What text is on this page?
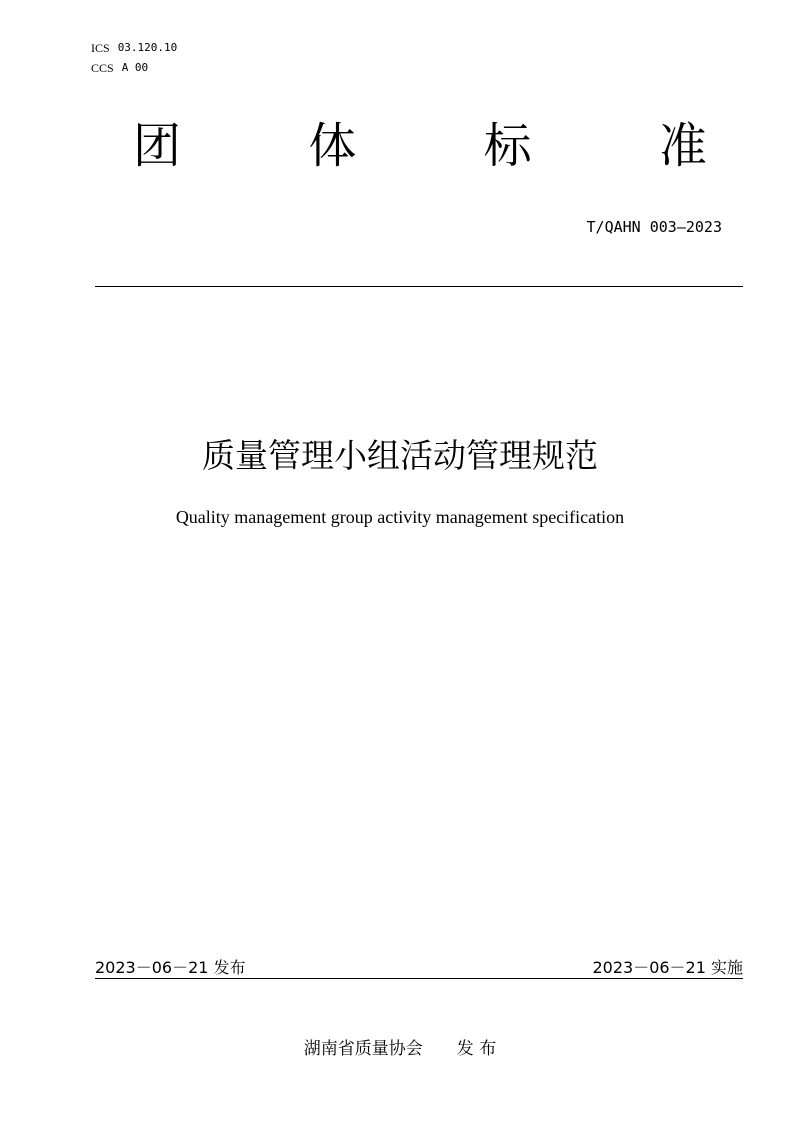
ICS 03.120.10
CCS A 00
团	体	标	准
T/QAHN 003—2023
质量管理小组活动管理规范
Quality management group activity management specification
2023－06－21 发布	2023－06－21 实施
湖南省质量协会 发 布
